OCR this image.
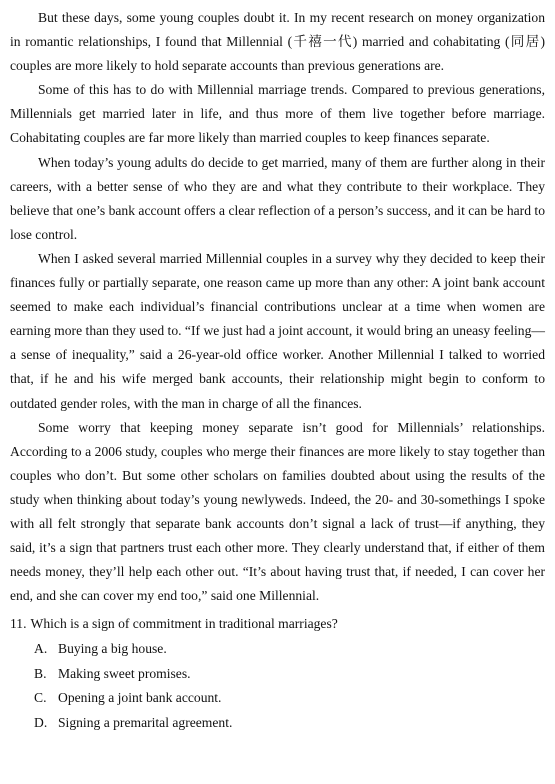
But these days, some young couples doubt it. In my recent research on money organization in romantic relationships, I found that Millennial (千禧一代) married and cohabitating (同居) couples are more likely to hold separate accounts than previous generations are.

Some of this has to do with Millennial marriage trends. Compared to previous generations, Millennials get married later in life, and thus more of them live together before marriage. Cohabitating couples are far more likely than married couples to keep finances separate.

When today’s young adults do decide to get married, many of them are further along in their careers, with a better sense of who they are and what they contribute to their workplace. They believe that one’s bank account offers a clear reflection of a person’s success, and it can be hard to lose control.

When I asked several married Millennial couples in a survey why they decided to keep their finances fully or partially separate, one reason came up more than any other: A joint bank account seemed to make each individual’s financial contributions unclear at a time when women are earning more than they used to. “If we just had a joint account, it would bring an uneasy feeling—a sense of inequality,” said a 26-year-old office worker. Another Millennial I talked to worried that, if he and his wife merged bank accounts, their relationship might begin to conform to outdated gender roles, with the man in charge of all the finances.

Some worry that keeping money separate isn’t good for Millennials’ relationships. According to a 2006 study, couples who merge their finances are more likely to stay together than couples who don’t. But some other scholars on families doubted about using the results of the study when thinking about today’s young newlyweds. Indeed, the 20- and 30-somethings I spoke with all felt strongly that separate bank accounts don’t signal a lack of trust—if anything, they said, it’s a sign that partners trust each other more. They clearly understand that, if either of them needs money, they’ll help each other out. “It’s about having trust that, if needed, I can cover her end, and she can cover my end too,” said one Millennial.

11. Which is a sign of commitment in traditional marriages?

A. Buying a big house.

B. Making sweet promises.

C. Opening a joint bank account.

D. Signing a premarital agreement.
